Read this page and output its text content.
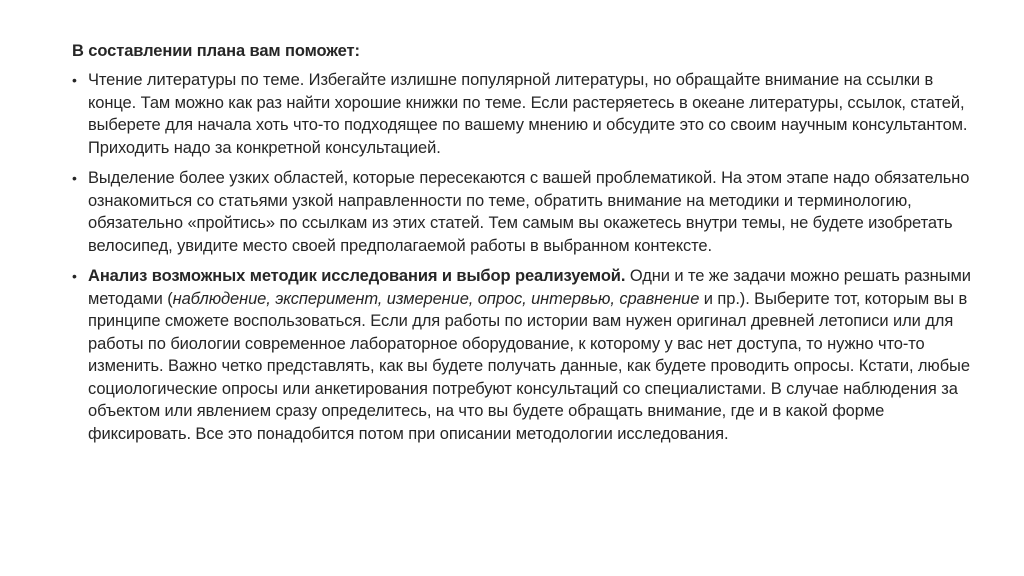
В составлении плана вам поможет:
• Чтение литературы по теме. Избегайте излишне популярной литературы, но обращайте внимание на ссылки в конце. Там можно как раз найти хорошие книжки по теме. Если растеряетесь в океане литературы, ссылок, статей, выберете для начала хоть что-то подходящее по вашему мнению и обсудите это со своим научным консультантом. Приходить надо за конкретной консультацией.
• Выделение более узких областей, которые пересекаются с вашей проблематикой. На этом этапе надо обязательно ознакомиться со статьями узкой направленности по теме, обратить внимание на методики и терминологию, обязательно «пройтись» по ссылкам из этих статей. Тем самым вы окажетесь внутри темы, не будете изобретать велосипед, увидите место своей предполагаемой работы в выбранном контексте.
• Анализ возможных методик исследования и выбор реализуемой. Одни и те же задачи можно решать разными методами (наблюдение, эксперимент, измерение, опрос, интервью, сравнение и пр.). Выберите тот, которым вы в принципе сможете воспользоваться. Если для работы по истории вам нужен оригинал древней летописи или для работы по биологии современное лабораторное оборудование, к которому у вас нет доступа, то нужно что-то изменить. Важно четко представлять, как вы будете получать данные, как будете проводить опросы. Кстати, любые социологические опросы или анкетирования потребуют консультаций со специалистами. В случае наблюдения за объектом или явлением сразу определитесь, на что вы будете обращать внимание, где и в какой форме фиксировать. Все это понадобится потом при описании методологии исследования.
